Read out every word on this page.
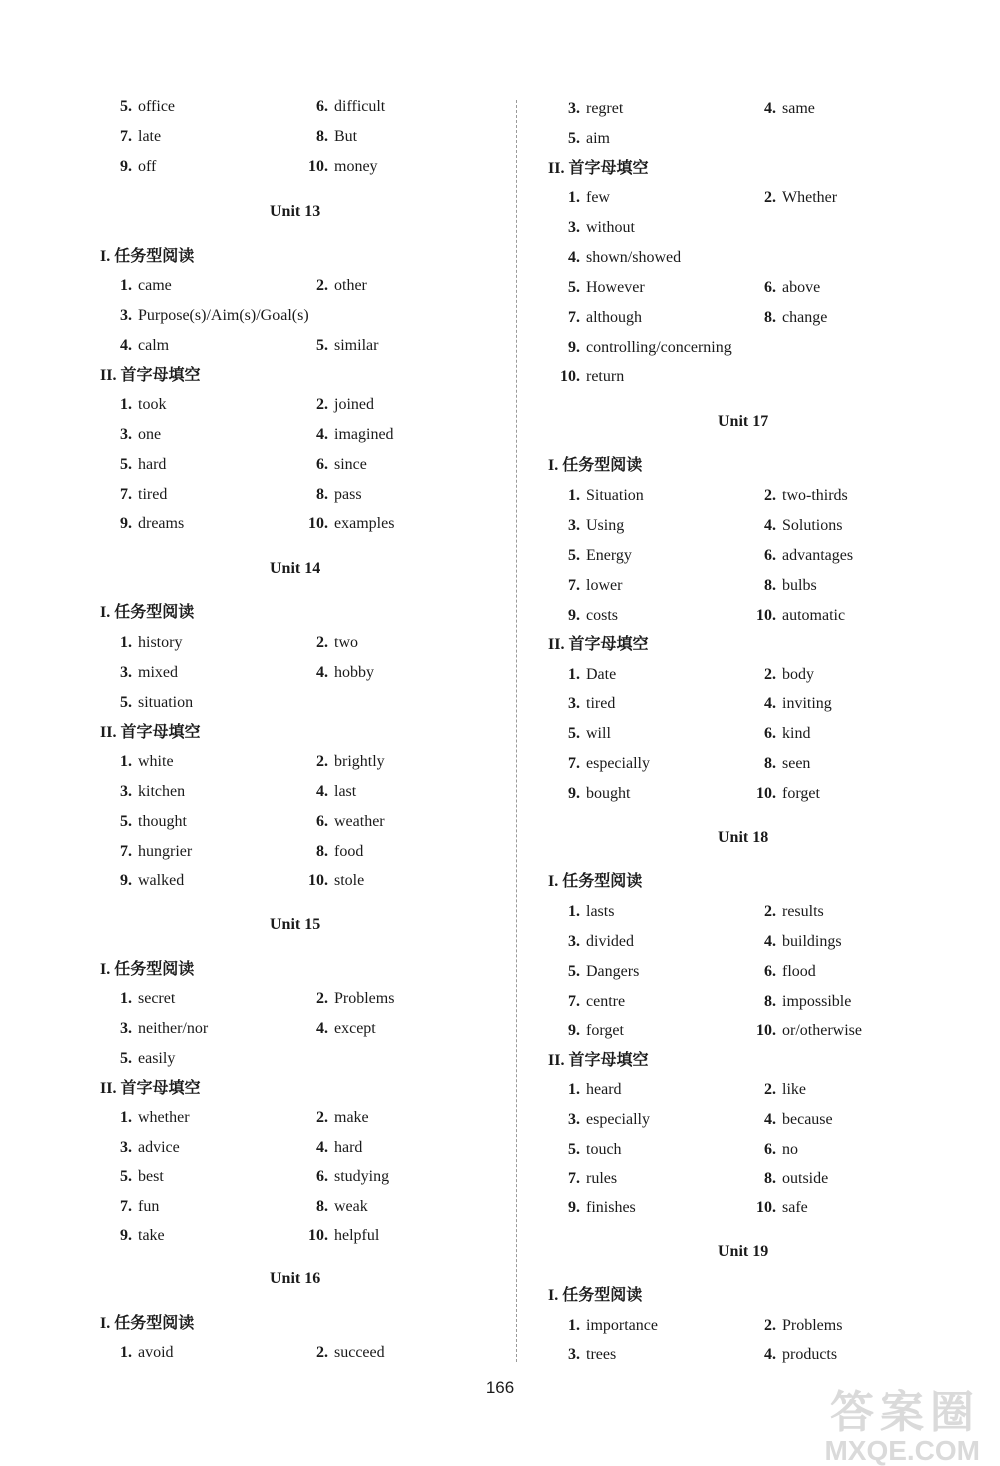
5. office	6. difficult
7. late	8. But
9. off	10. money
Unit 13
I. 任务型阅读
1. came	2. other
3. Purpose(s)/Aim(s)/Goal(s)
4. calm	5. similar
II. 首字母填空
1. took	2. joined
3. one	4. imagined
5. hard	6. since
7. tired	8. pass
9. dreams	10. examples
Unit 14
I. 任务型阅读
1. history	2. two
3. mixed	4. hobby
5. situation
II. 首字母填空
1. white	2. brightly
3. kitchen	4. last
5. thought	6. weather
7. hungrier	8. food
9. walked	10. stole
Unit 15
I. 任务型阅读
1. secret	2. Problems
3. neither/nor	4. except
5. easily
II. 首字母填空
1. whether	2. make
3. advice	4. hard
5. best	6. studying
7. fun	8. weak
9. take	10. helpful
Unit 16
I. 任务型阅读
1. avoid	2. succeed
3. regret	4. same
5. aim
II. 首字母填空
1. few	2. Whether
3. without
4. shown/showed
5. However	6. above
7. although	8. change
9. controlling/concerning
10. return
Unit 17
I. 任务型阅读
1. Situation	2. two-thirds
3. Using	4. Solutions
5. Energy	6. advantages
7. lower	8. bulbs
9. costs	10. automatic
II. 首字母填空
1. Date	2. body
3. tired	4. inviting
5. will	6. kind
7. especially	8. seen
9. bought	10. forget
Unit 18
I. 任务型阅读
1. lasts	2. results
3. divided	4. buildings
5. Dangers	6. flood
7. centre	8. impossible
9. forget	10. or/otherwise
II. 首字母填空
1. heard	2. like
3. especially	4. because
5. touch	6. no
7. rules	8. outside
9. finishes	10. safe
Unit 19
I. 任务型阅读
1. importance	2. Problems
3. trees	4. products
166
答案圈
MXQE.COM
